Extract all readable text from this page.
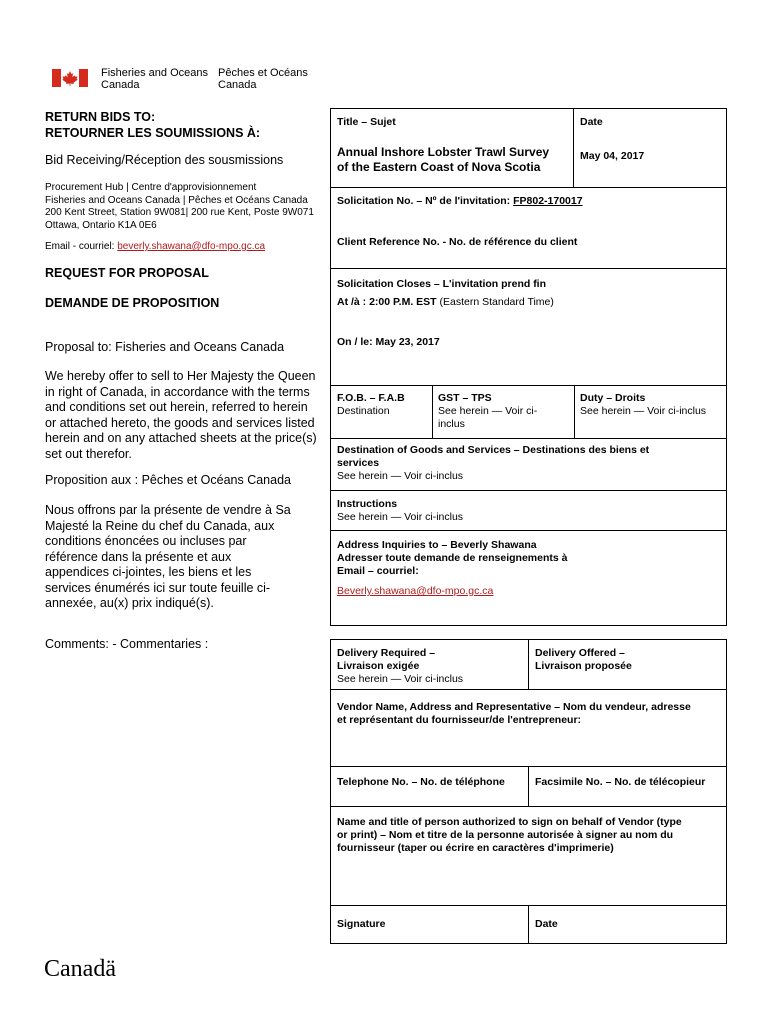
Fisheries and Oceans
Canada
Pêches et Océans
Canada
RETURN BIDS TO:
RETOURNER LES SOUMISSIONS À:
Bid Receiving/Réception des sousmissions
Procurement Hub | Centre d'approvisionnement
Fisheries and Oceans Canada | Pêches et Océans Canada
200 Kent Street, Station 9W081| 200 rue Kent, Poste 9W071
Ottawa, Ontario K1A 0E6
Email - courriel: beverly.shawana@dfo-mpo.gc.ca
REQUEST FOR PROPOSAL
DEMANDE DE PROPOSITION
Proposal to: Fisheries and Oceans Canada
We hereby offer to sell to Her Majesty the Queen
in right of Canada, in accordance with the terms
and conditions set out herein, referred to herein
or attached hereto, the goods and services listed
herein and on any attached sheets at the price(s)
set out therefor.
Proposition aux : Pêches et Océans Canada
Nous offrons par la présente de vendre à Sa
Majesté la Reine du chef du Canada, aux
conditions énoncées ou incluses par
référence dans la présente et aux
appendices ci-jointes, les biens et les
services énumérés ici sur toute feuille ci-
annexée, au(x) prix indiqué(s).
Comments: - Commentaries :
Title – Sujet	Date
Annual Inshore Lobster Trawl Survey
of the Eastern Coast of Nova Scotia
May 04, 2017
Solicitation No. – Nº de l'invitation: FP802-170017
Client Reference No. - No. de référence du client
Solicitation Closes – L'invitation prend fin
At /à : 2:00 P.M. EST (Eastern Standard Time)
On / le: May 23, 2017
F.O.B. – F.A.B
Destination
GST – TPS
See herein — Voir ci-
inclus
Duty – Droits
See herein — Voir ci-inclus
Destination of Goods and Services – Destinations des biens et
services
See herein — Voir ci-inclus
Instructions
See herein — Voir ci-inclus
Address Inquiries to – Beverly Shawana
Adresser toute demande de renseignements à
Email – courriel:
Beverly.shawana@dfo-mpo.gc.ca
Delivery Required –
Livraison exigée
See herein — Voir ci-inclus
Delivery Offered –
Livraison proposée
Vendor Name, Address and Representative – Nom du vendeur, adresse
et représentant du fournisseur/de l'entrepreneur:
Telephone No. – No. de téléphone	Facsimile No. – No. de télécopieur
Name and title of person authorized to sign on behalf of Vendor (type
or print) – Nom et titre de la personne autorisée à signer au nom du
fournisseur (taper ou écrire en caractères d'imprimerie)
Signature	Date
Canadä
